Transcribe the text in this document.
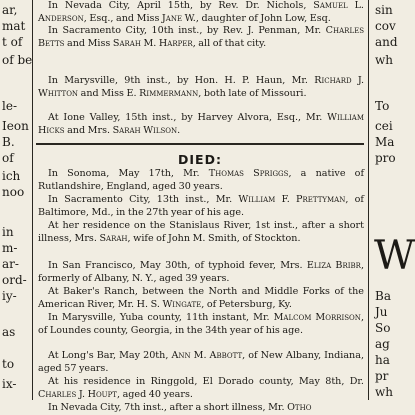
ar,
mat
t of
of be
le-
Ieon
B.
of
ich
noo
in
m-
ar-
ord-
iy-
as
to
ix-
In Nevada City, April 15th, by Rev. Dr. Nichols, Samuel L. Anderson, Esq., and Miss Jane W., daughter of John Low, Esq.
In Sacramento City, 10th inst., by Rev. J. Penman, Mr. Charles Betts and Miss Sarah M. Harper, all of that city.
In Marysville, 9th inst., by Hon. H. P. Haun, Mr. Richard J. Whitton and Miss E. Rimmermann, both late of Missouri.
At Ione Valley, 15th inst., by Harvey Alvora, Esq., Mr. William Hicks and Mrs. Sarah Wilson.
DIED:
In Sonoma, May 17th, Mr. Thomas Spriggs, a native of Rutlandshire, England, aged 30 years.
In Sacramento City, 13th inst., Mr. William F. Prettyman, of Baltimore, Md., in the 27th year of his age.
At her residence on the Stanislaus River, 1st inst., after a short illness, Mrs. Sarah, wife of John M. Smith, of Stockton.
In San Francisco, May 30th, of typhoid fever, Mrs. Eliza Bribr, formerly of Albany, N. Y., aged 39 years.
At Baker's Ranch, between the North and Middle Forks of the American River, Mr. H. S. Wingate, of Petersburg, Ky.
In Marysville, Yuba county, 11th instant, Mr. Malcom Morrison, of Loundes county, Georgia, in the 34th year of his age.
At Long's Bar, May 20th, Ann M. Abbott, of New Albany, Indiana, aged 57 years.
At his residence in Ringgold, El Dorado county, May 8th, Dr. Charles J. Houpt, aged 40 years.
In Nevada City, 7th inst., after a short illness, Mr. Otho
W
sin
cov
and
wh
To
cei
Ma
pro
Ba
Ju
So
ag
ha
pr
wh
